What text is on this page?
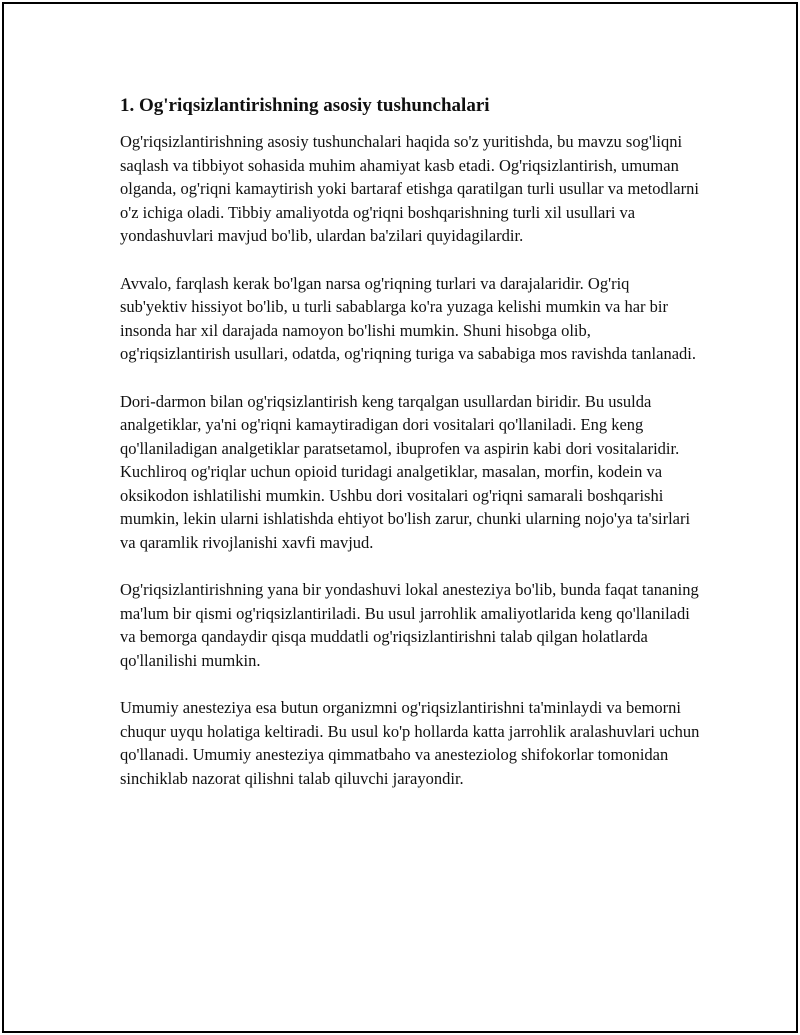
1. Og'riqsizlantirishning asosiy tushunchalari

Og'riqsizlantirishning asosiy tushunchalari haqida so'z yuritishda, bu mavzu sog'liqni saqlash va tibbiyot sohasida muhim ahamiyat kasb etadi. Og'riqsizlantirish, umuman olganda, og'riqni kamaytirish yoki bartaraf etishga qaratilgan turli usullar va metodlarni o'z ichiga oladi. Tibbiy amaliyotda og'riqni boshqarishning turli xil usullari va yondashuvlari mavjud bo'lib, ulardan ba'zilari quyidagilardir.

Avvalo, farqlash kerak bo'lgan narsa og'riqning turlari va darajalaridir. Og'riq sub'yektiv hissiyot bo'lib, u turli sabablarga ko'ra yuzaga kelishi mumkin va har bir insonda har xil darajada namoyon bo'lishi mumkin. Shuni hisobga olib, og'riqsizlantirish usullari, odatda, og'riqning turiga va sababiga mos ravishda tanlanadi.

Dori-darmon bilan og'riqsizlantirish keng tarqalgan usullardan biridir. Bu usulda analgetiklar, ya'ni og'riqni kamaytiradigan dori vositalari qo'llaniladi. Eng keng qo'llaniladigan analgetiklar paratsetamol, ibuprofen va aspirin kabi dori vositalaridir. Kuchliroq og'riqlar uchun opioid turidagi analgetiklar, masalan, morfin, kodein va oksikodon ishlatilishi mumkin. Ushbu dori vositalari og'riqni samarali boshqarishi mumkin, lekin ularni ishlatishda ehtiyot bo'lish zarur, chunki ularning nojo'ya ta'sirlari va qaramlik rivojlanishi xavfi mavjud.

Og'riqsizlantirishning yana bir yondashuvi lokal anesteziya bo'lib, bunda faqat tananing ma'lum bir qismi og'riqsizlantiriladi. Bu usul jarrohlik amaliyotlarida keng qo'llaniladi va bemorga qandaydir qisqa muddatli og'riqsizlantirishni talab qilgan holatlarda qo'llanilishi mumkin.

Umumiy anesteziya esa butun organizmni og'riqsizlantirishni ta'minlaydi va bemorni chuqur uyqu holatiga keltiradi. Bu usul ko'p hollarda katta jarrohlik aralashuvlari uchun qo'llanadi. Umumiy anesteziya qimmatbaho va anesteziolog shifokorlar tomonidan sinchiklab nazorat qilishni talab qiluvchi jarayondir.
